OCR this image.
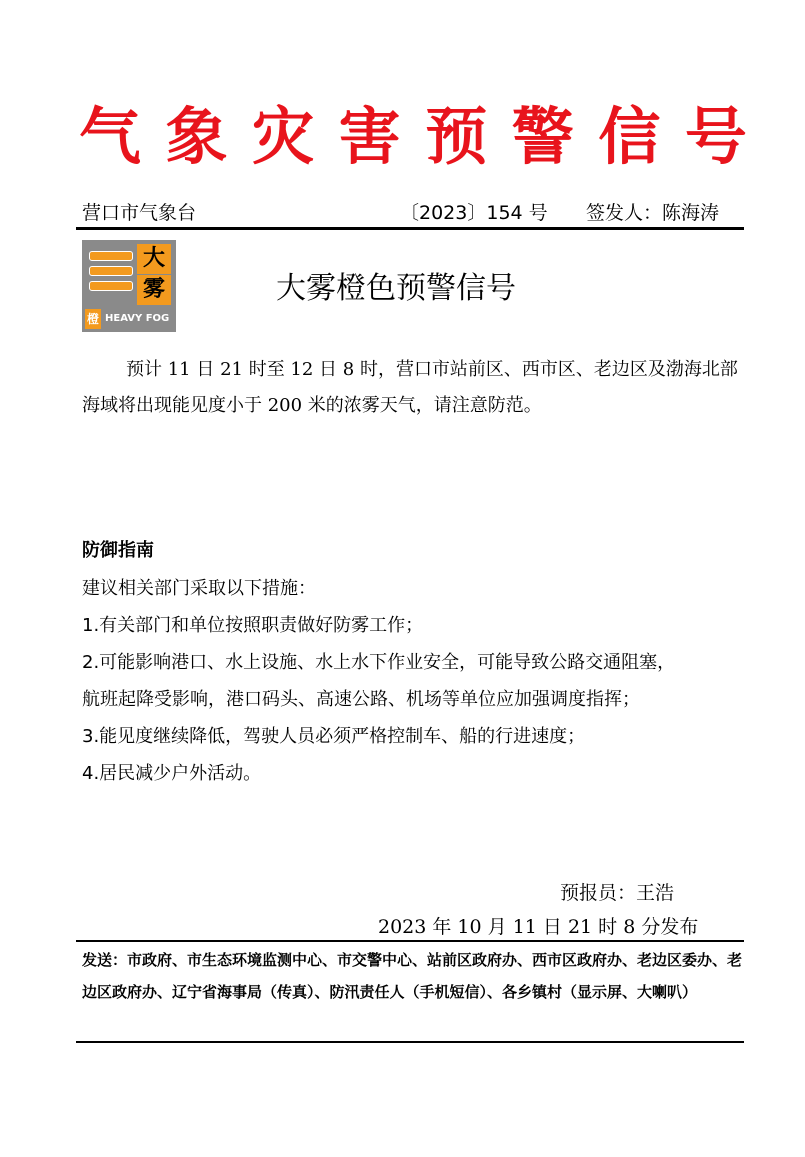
气 象 灾 害 预 警 信 号
营口市气象台	〔2023〕154 号 签发人：陈海涛
大
雾
橙 HEAVY FOG
大雾橙色预警信号
预计 11 日 21 时至 12 日 8 时，营口市站前区、西市区、老边区及渤海北部海域将出现能见度小于 200 米的浓雾天气，请注意防范。
防御指南
建议相关部门采取以下措施：
1.有关部门和单位按照职责做好防雾工作；
2.可能影响港口、水上设施、水上水下作业安全，可能导致公路交通阻塞，
航班起降受影响，港口码头、高速公路、机场等单位应加强调度指挥；
3.能见度继续降低，驾驶人员必须严格控制车、船的行进速度；
4.居民减少户外活动。
预报员：王浩
2023 年 10 月 11 日 21 时 8 分发布
发送：市政府、市生态环境监测中心、市交警中心、站前区政府办、西市区政府办、老边区委办、老边区政府办、辽宁省海事局（传真）、防汛责任人（手机短信）、各乡镇村（显示屏、大喇叭）
